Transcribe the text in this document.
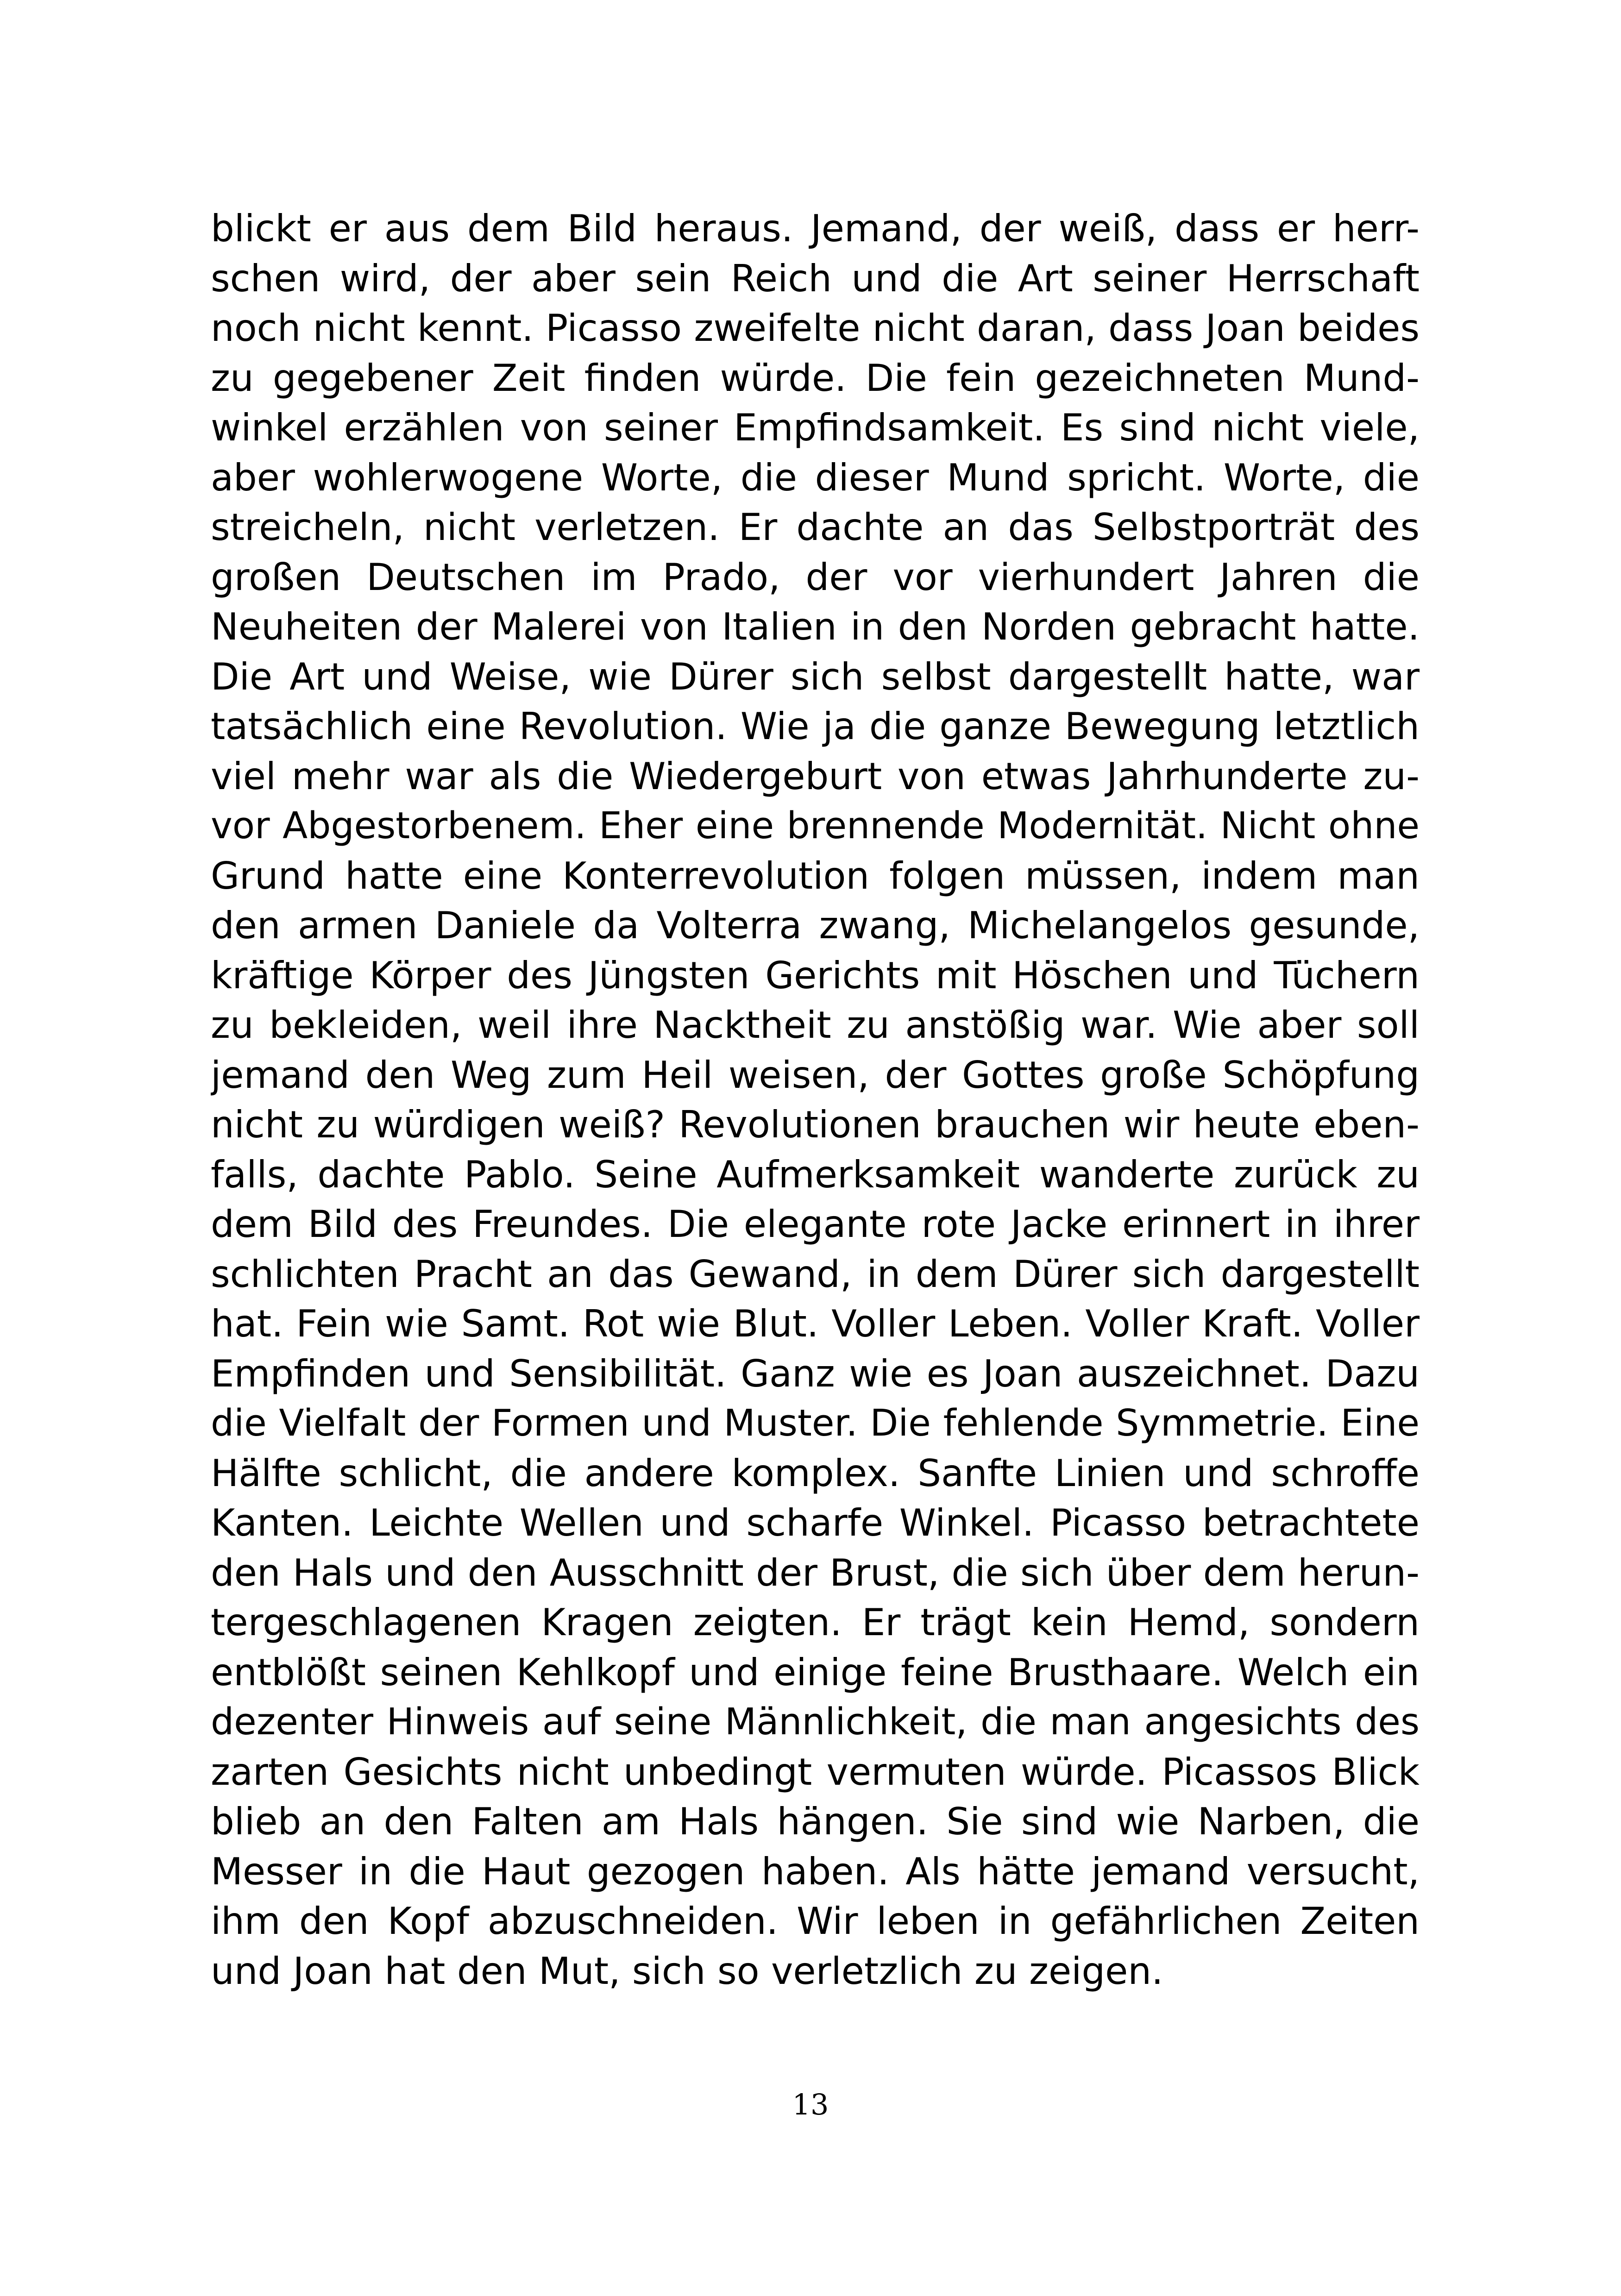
blickt er aus dem Bild heraus. Jemand, der weiß, dass er herr-
schen wird, der aber sein Reich und die Art seiner Herrschaft
noch nicht kennt. Picasso zweifelte nicht daran, dass Joan beides
zu gegebener Zeit finden würde. Die fein gezeichneten Mund-
winkel erzählen von seiner Empfindsamkeit. Es sind nicht viele,
aber wohlerwogene Worte, die dieser Mund spricht. Worte, die
streicheln, nicht verletzen. Er dachte an das Selbstporträt des
großen Deutschen im Prado, der vor vierhundert Jahren die
Neuheiten der Malerei von Italien in den Norden gebracht hatte.
Die Art und Weise, wie Dürer sich selbst dargestellt hatte, war
tatsächlich eine Revolution. Wie ja die ganze Bewegung letztlich
viel mehr war als die Wiedergeburt von etwas Jahrhunderte zu-
vor Abgestorbenem. Eher eine brennende Modernität. Nicht ohne
Grund hatte eine Konterrevolution folgen müssen, indem man
den armen Daniele da Volterra zwang, Michelangelos gesunde,
kräftige Körper des Jüngsten Gerichts mit Höschen und Tüchern
zu bekleiden, weil ihre Nacktheit zu anstößig war. Wie aber soll
jemand den Weg zum Heil weisen, der Gottes große Schöpfung
nicht zu würdigen weiß? Revolutionen brauchen wir heute eben-
falls, dachte Pablo. Seine Aufmerksamkeit wanderte zurück zu
dem Bild des Freundes. Die elegante rote Jacke erinnert in ihrer
schlichten Pracht an das Gewand, in dem Dürer sich dargestellt
hat. Fein wie Samt. Rot wie Blut. Voller Leben. Voller Kraft. Voller
Empfinden und Sensibilität. Ganz wie es Joan auszeichnet. Dazu
die Vielfalt der Formen und Muster. Die fehlende Symmetrie. Eine
Hälfte schlicht, die andere komplex. Sanfte Linien und schroffe
Kanten. Leichte Wellen und scharfe Winkel. Picasso betrachtete
den Hals und den Ausschnitt der Brust, die sich über dem herun-
tergeschlagenen Kragen zeigten. Er trägt kein Hemd, sondern
entblößt seinen Kehlkopf und einige feine Brusthaare. Welch ein
dezenter Hinweis auf seine Männlichkeit, die man angesichts des
zarten Gesichts nicht unbedingt vermuten würde. Picassos Blick
blieb an den Falten am Hals hängen. Sie sind wie Narben, die
Messer in die Haut gezogen haben. Als hätte jemand versucht,
ihm den Kopf abzuschneiden. Wir leben in gefährlichen Zeiten
und Joan hat den Mut, sich so verletzlich zu zeigen.
13
